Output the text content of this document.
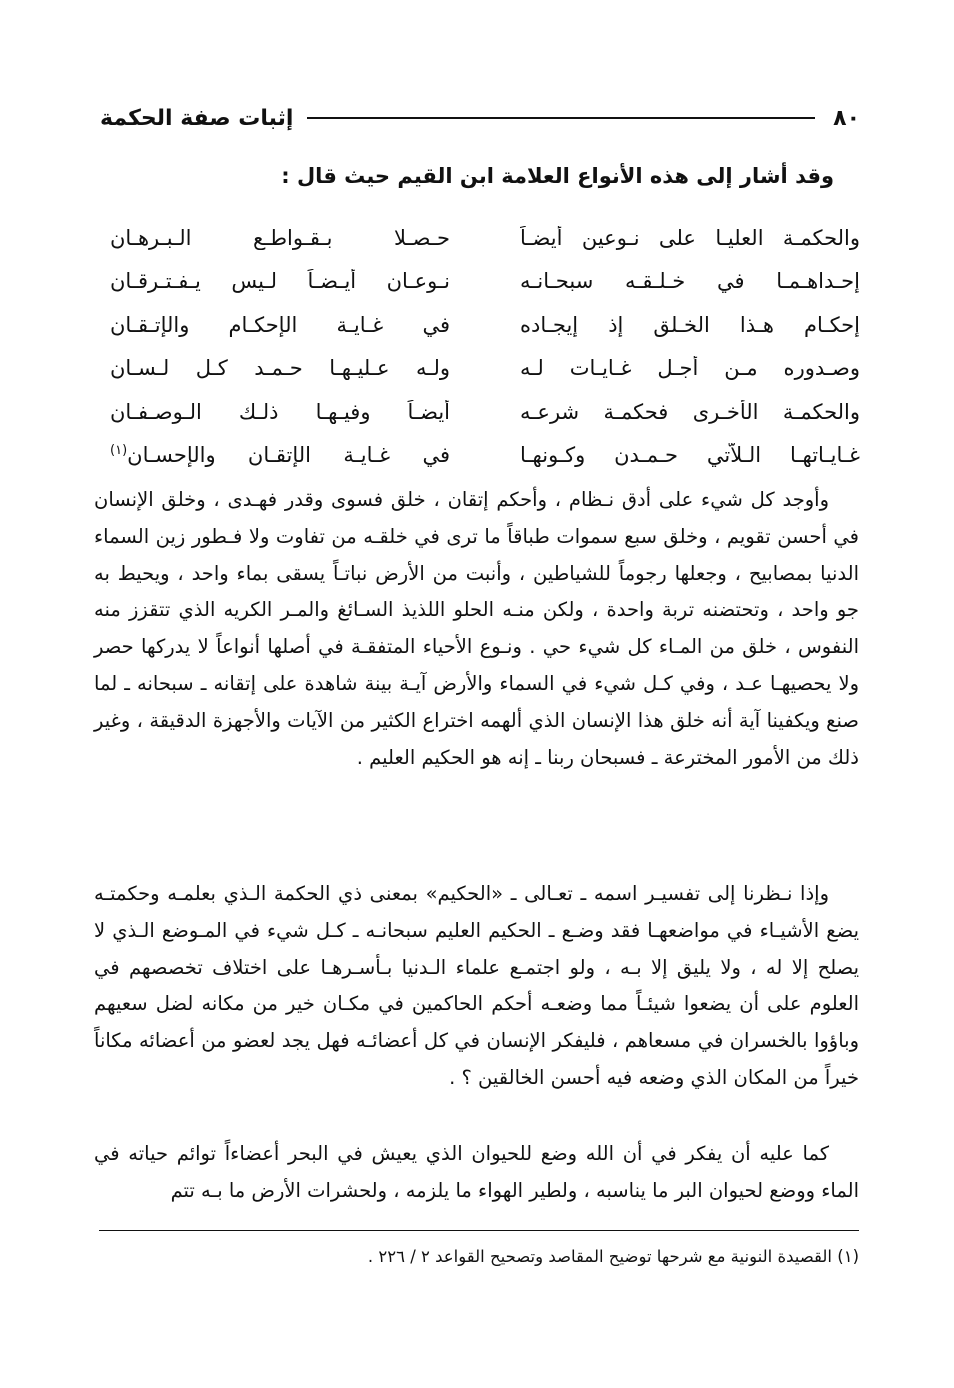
٨٠
إثبات صفة الحكمة
وقد أشار إلى هذه الأنواع العلامة ابن القيم حيث قال :
والحكمـة العليـا على نـوعين أيضـاً
حـصـلا بـقـواطـع الـبـرهـان
إحـداهـمـا في خـلـقـه سبحـانـه
نـوعـان أيـضـاً لـيس يـفـتـرقـان
إحكـام هـذا الخـلق إذ إيجـاده
في غـايـة الإحكـام والإتـقـان
وصـدوره مـن أجـل غـايـات لـه
ولـه عـليـهـا حـمـد كـل لـسـان
والحكمـة الأخـرى فحكمـة شرعـه
أيضـاً وفيـهـا ذلـك الـوصـفـان
غـايـاتهـا الـلاّتي حـمـدن وكـونهـا
في غـايـة الإتقـان والإحسـان$^{(١)}$
وأوجد كل شيء على أدق نـظام ، وأحكم إتقان ، خلق فسوى وقدر فهـدى ، وخلق الإنسان في أحسن تقويم ، وخلق سبع سموات طباقاً ما ترى في خلقـه من تفاوت ولا فـطور زين السماء الدنيا بمصابيح ، وجعلها رجوماً للشياطين ، وأنبت من الأرض نباتـاً يسقى بماء واحد ، ويحيط به جو واحد ، وتحتضنه تربة واحدة ، ولكن منـه الحلو اللذيذ السـائغ والمـر الكريه الذي تتقزز منه النفوس ، خلق من المـاء كل شيء حي . ونـوع الأحياء المتفقـة في أصلها أنواعاً لا يدركها حصر ولا يحصيهـا عـد ، وفي كـل شيء في السماء والأرض آيـة بينة شاهدة على إتقانه ـ سبحانه ـ لما صنع ويكفينا آية أنه خلق هذا الإنسان الذي ألهمه اختراع الكثير من الآيات والأجهزة الدقيقة ، وغير ذلك من الأمور المخترعة ـ فسبحان ربنا ـ إنه هو الحكيم العليم .
وإذا نـظرنا إلى تفسيـر اسمه ـ تعـالى ـ «الحكيم» بمعنى ذي الحكمة الـذي بعلمـه وحكمتـه يضع الأشيـاء في مواضعهـا فقد وضـع ـ الحكيم العليم سبحانـه ـ كـل شيء في المـوضع الـذي لا يصلح إلا له ، ولا يليق إلا بـه ، ولو اجتمـع علماء الـدنيا بـأسـرهـا على اختلاف تخصصهم في العلوم على أن يضعوا شيئـاً مما وضعـه أحكم الحاكمين في مكـان خير من مكانه لضل سعيهم وباؤوا بالخسران في مسعاهم ، فليفكر الإنسان في كل أعضائـه فهل يجد لعضو من أعضائه مكاناً خيراً من المكان الذي وضعه فيه أحسن الخالقين ؟ .
كما عليه أن يفكر في أن الله وضع للحيوان الذي يعيش في البحر أعضاءاً توائم حياته في الماء ووضع لحيوان البر ما يناسبه ، ولطير الهواء ما يلزمه ، ولحشرات الأرض ما بـه تتم
(١) القصيدة النونية مع شرحها توضيح المقاصد وتصحيح القواعد ٢ / ٢٢٦ .
